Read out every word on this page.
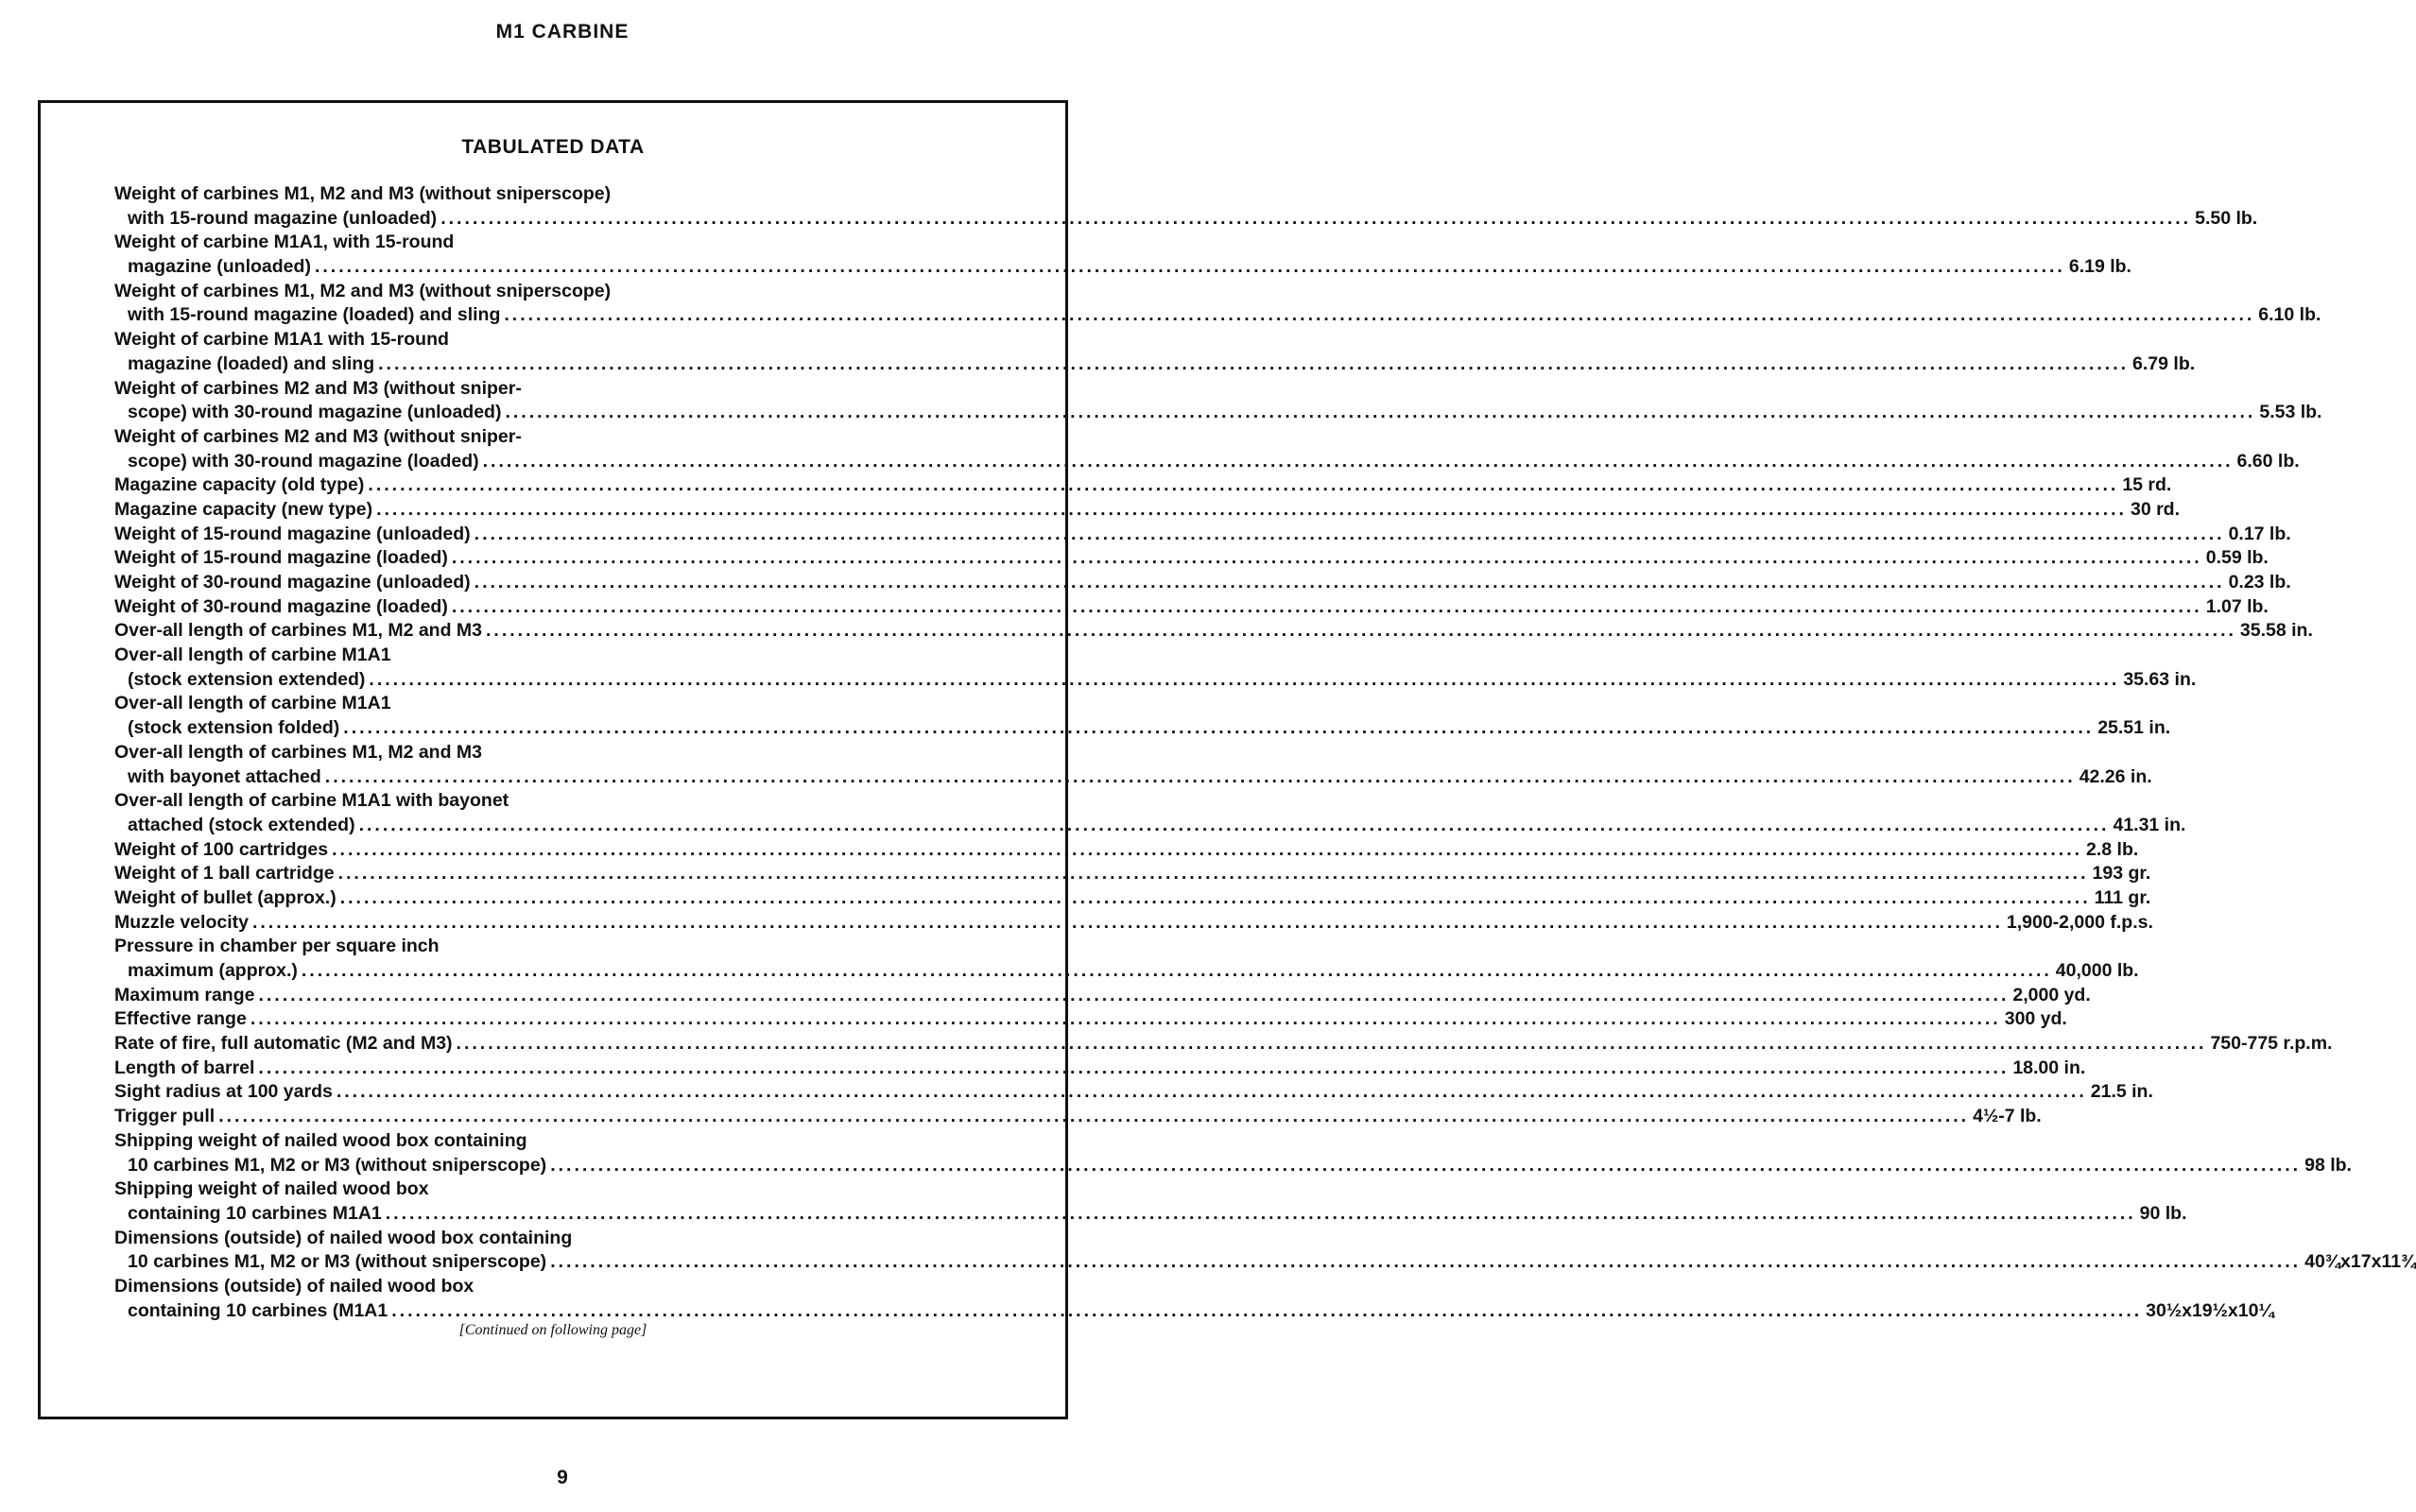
M1 CARBINE
TABULATED DATA
Weight of carbines M1, M2 and M3 (without sniperscope)
with 15-round magazine (unloaded) ............................................................................................................................................................................................................................ 5.50 lb.
Weight of carbine M1A1, with 15-round
magazine (unloaded) ............................................................................................................................................................................................................................ 6.19 lb.
Weight of carbines M1, M2 and M3 (without sniperscope)
with 15-round magazine (loaded) and sling ............................................................................................................................................................................................................................ 6.10 lb.
Weight of carbine M1A1 with 15-round
magazine (loaded) and sling ............................................................................................................................................................................................................................ 6.79 lb.
Weight of carbines M2 and M3 (without sniper-
scope) with 30-round magazine (unloaded) ............................................................................................................................................................................................................................ 5.53 lb.
Weight of carbines M2 and M3 (without sniper-
scope) with 30-round magazine (loaded) ............................................................................................................................................................................................................................ 6.60 lb.
Magazine capacity (old type) ............................................................................................................................................................................................................................ 15 rd.
Magazine capacity (new type) ............................................................................................................................................................................................................................ 30 rd.
Weight of 15-round magazine (unloaded) ............................................................................................................................................................................................................................ 0.17 lb.
Weight of 15-round magazine (loaded) ............................................................................................................................................................................................................................ 0.59 lb.
Weight of 30-round magazine (unloaded) ............................................................................................................................................................................................................................ 0.23 lb.
Weight of 30-round magazine (loaded) ............................................................................................................................................................................................................................ 1.07 lb.
Over-all length of carbines M1, M2 and M3 ............................................................................................................................................................................................................................ 35.58 in.
Over-all length of carbine M1A1
(stock extension extended) ............................................................................................................................................................................................................................ 35.63 in.
Over-all length of carbine M1A1
(stock extension folded) ............................................................................................................................................................................................................................ 25.51 in.
Over-all length of carbines M1, M2 and M3
with bayonet attached ............................................................................................................................................................................................................................ 42.26 in.
Over-all length of carbine M1A1 with bayonet
attached (stock extended) ............................................................................................................................................................................................................................ 41.31 in.
Weight of 100 cartridges ............................................................................................................................................................................................................................ 2.8 lb.
Weight of 1 ball cartridge ............................................................................................................................................................................................................................ 193 gr.
Weight of bullet (approx.) ............................................................................................................................................................................................................................ 111 gr.
Muzzle velocity ............................................................................................................................................................................................................................ 1,900-2,000 f.p.s.
Pressure in chamber per square inch
maximum (approx.) ............................................................................................................................................................................................................................ 40,000 lb.
Maximum range ............................................................................................................................................................................................................................ 2,000 yd.
Effective range ............................................................................................................................................................................................................................ 300 yd.
Rate of fire, full automatic (M2 and M3) ............................................................................................................................................................................................................................ 750-775 r.p.m.
Length of barrel ............................................................................................................................................................................................................................ 18.00 in.
Sight radius at 100 yards ............................................................................................................................................................................................................................ 21.5 in.
Trigger pull ............................................................................................................................................................................................................................ 4½-7 lb.
Shipping weight of nailed wood box containing
10 carbines M1, M2 or M3 (without sniperscope) ............................................................................................................................................................................................................................ 98 lb.
Shipping weight of nailed wood box
containing 10 carbines M1A1 ............................................................................................................................................................................................................................ 90 lb.
Dimensions (outside) of nailed wood box containing
10 carbines M1, M2 or M3 (without sniperscope) ............................................................................................................................................................................................................................ 40¾x17x11¾
Dimensions (outside) of nailed wood box
containing 10 carbines (M1A1 ............................................................................................................................................................................................................................ 30½x19½x10¼
[Continued on following page]
9
